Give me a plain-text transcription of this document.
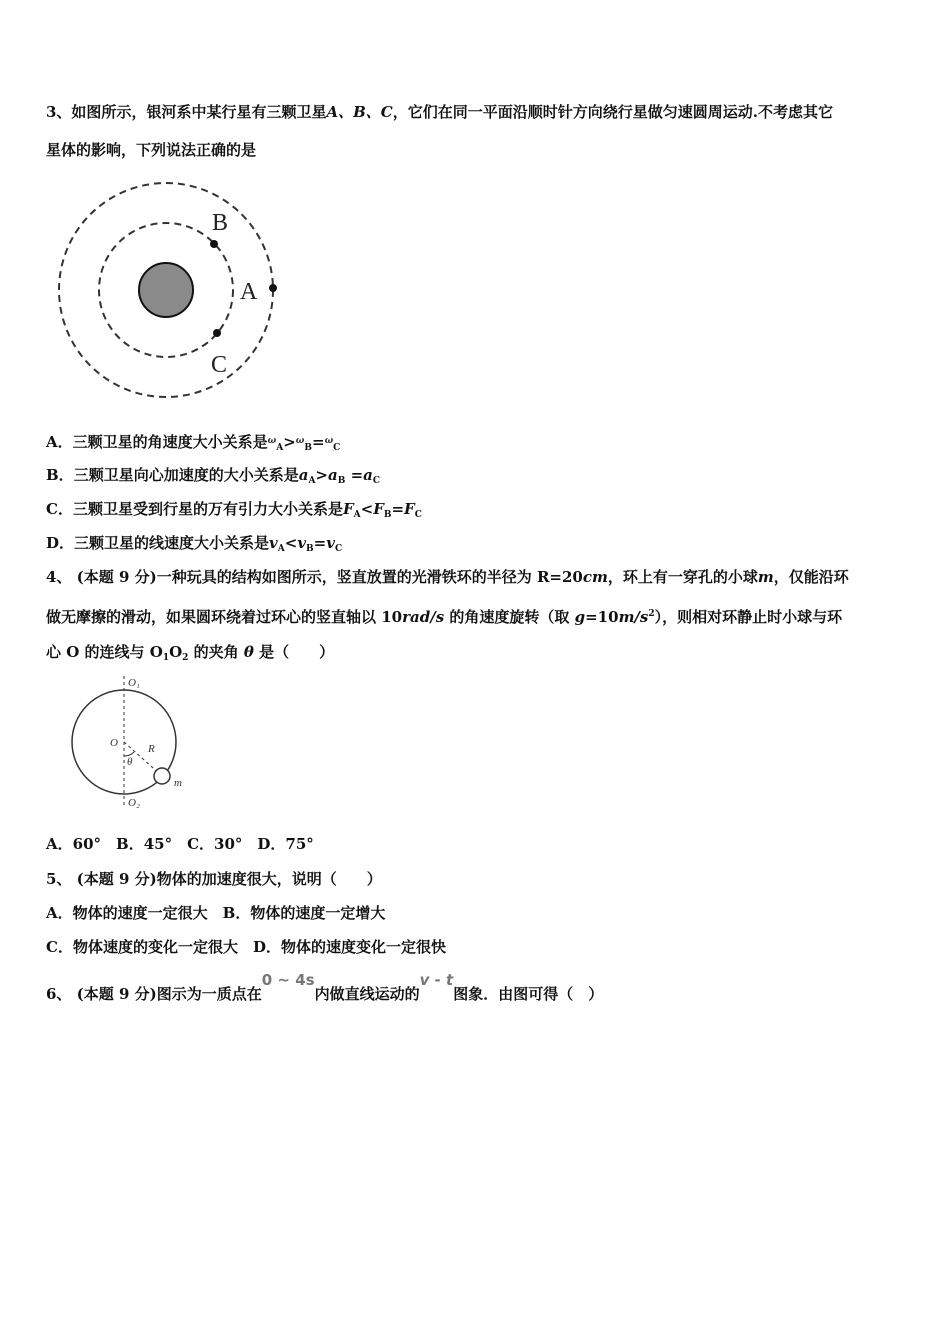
3、如图所示，银河系中某行星有三颗卫星A、B、C，它们在同一平面沿顺时针方向绕行星做匀速圆周运动.不考虑其它
星体的影响，下列说法正确的是
B
A
C
A．三颗卫星的角速度大小关系是$^\omega_A$>$^\omega_B$=$^\omega_C$
B．三颗卫星向心加速度的大小关系是$a_A>a_B =a_C$
C．三颗卫星受到行星的万有引力大小关系是$F_A<F_B=F_C$
D．三颗卫星的线速度大小关系是$v_A<v_B=v_C$
4、 (本题 9 分)一种玩具的结构如图所示，竖直放置的光滑铁环的半径为 R=20cm，环上有一穿孔的小球m，仅能沿环
做无摩擦的滑动，如果圆环绕着过环心的竖直轴以 10rad/s 的角速度旋转（取 $g=10m/s^2$），则相对环静止时小球与环
心 O 的连线与 $O_1O_2$ 的夹角 θ 是（　　）
O₁
O	R
θ
m
O₂
A．60°　B．45°　C．30°　D．75°
5、 (本题 9 分)物体的加速度很大，说明（　　）
A．物体的速度一定很大　B．物体的速度一定增大
C．物体速度的变化一定很大　D．物体的速度变化一定很快
6、 (本题 9 分)图示为一质点在0 ~ 4s内做直线运动的v - t图象．由图可得（　）
